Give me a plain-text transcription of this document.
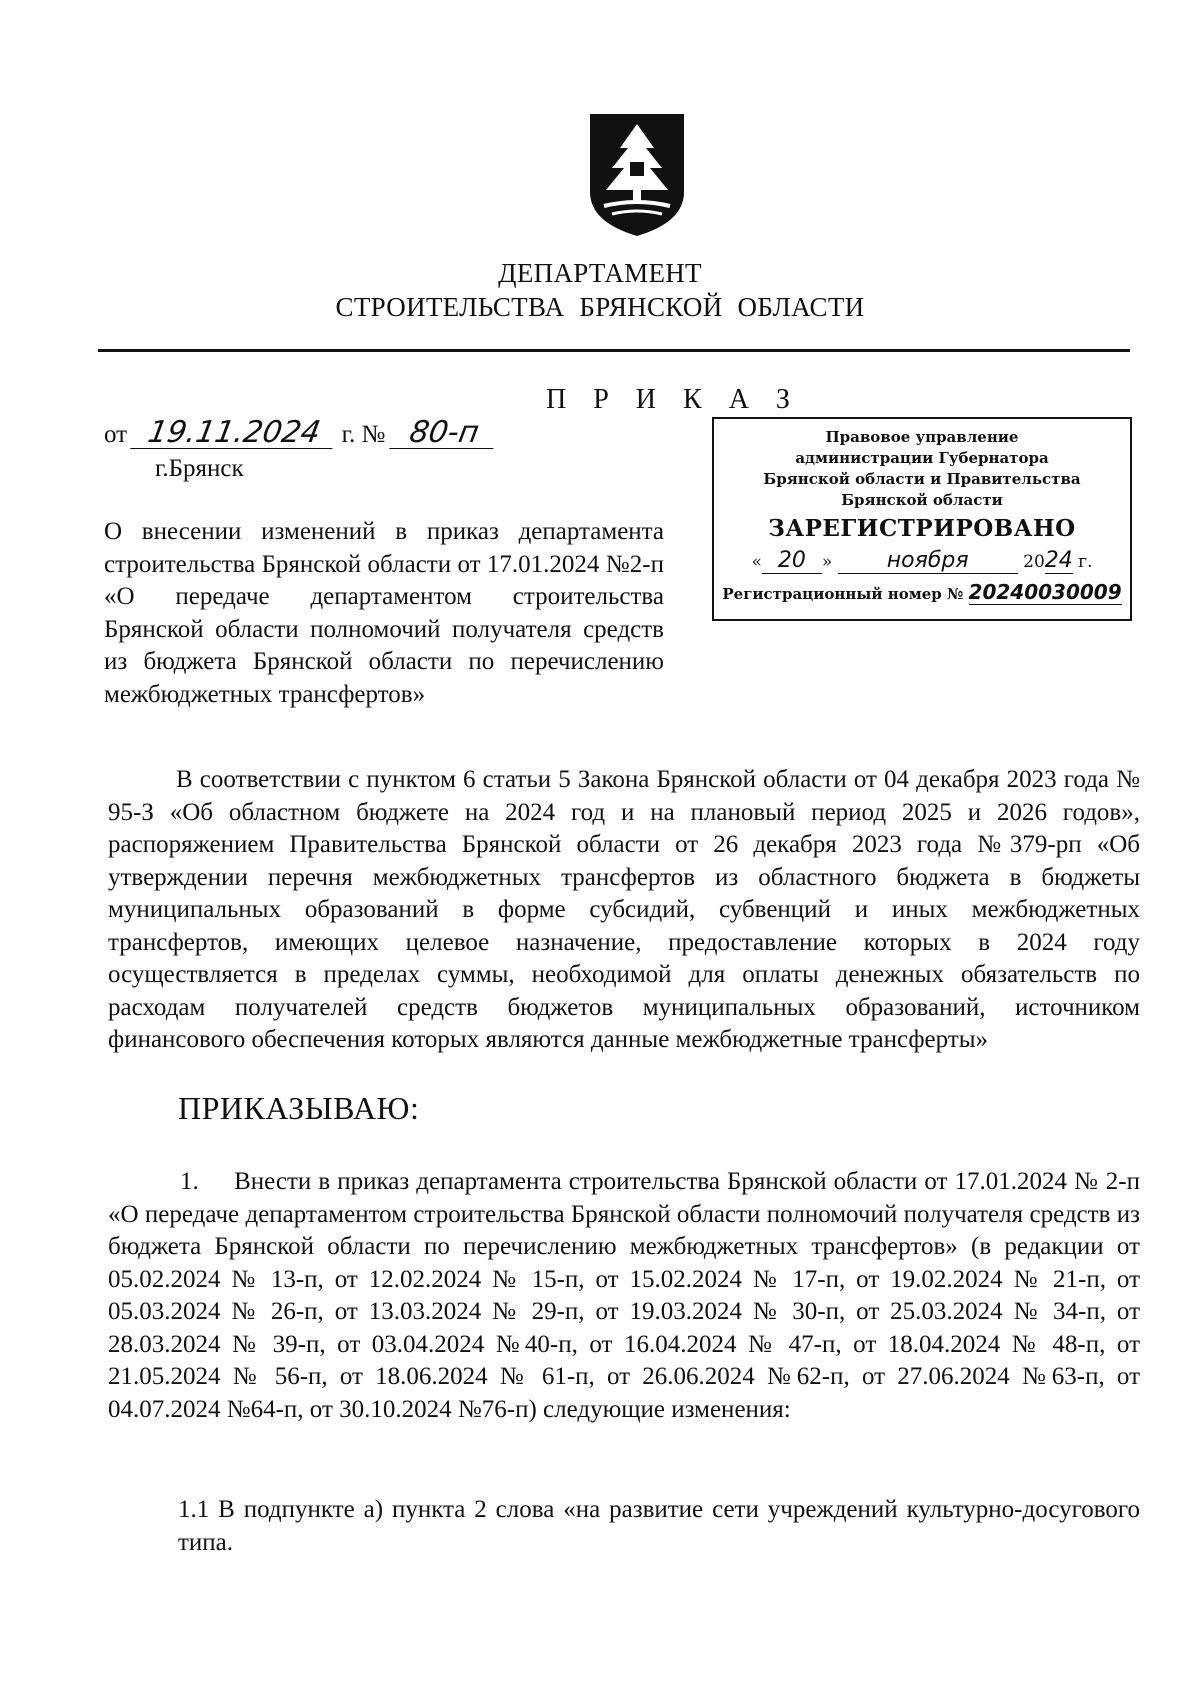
ДЕПАРТАМЕНТ
СТРОИТЕЛЬСТВА БРЯНСКОЙ ОБЛАСТИ
П Р И К А З
от 19.11.2024 г. № 80-п
г.Брянск
Правовое управление
администрации Губернатора
Брянской области и Правительства
Брянской области
ЗАРЕГИСТРИРОВАНО
« 20 » ноября	2024 г.
Регистрационный номер № 20240030009
О внесении изменений в приказ департамента строительства Брянской области от 17.01.2024 №2-п «О передаче департаментом строительства Брянской области полномочий получателя средств из бюджета Брянской области по перечислению межбюджетных трансфертов»

В соответствии с пунктом 6 статьи 5 Закона Брянской области от 04 декабря 2023 года № 95-З «Об областном бюджете на 2024 год и на плановый период 2025 и 2026 годов», распоряжением Правительства Брянской области от 26 декабря 2023 года №379-рп «Об утверждении перечня межбюджетных трансфертов из областного бюджета в бюджеты муниципальных образований в форме субсидий, субвенций и иных межбюджетных трансфертов, имеющих целевое назначение, предоставление которых в 2024 году осуществляется в пределах суммы, необходимой для оплаты денежных обязательств по расходам получателей средств бюджетов муниципальных образований, источником финансового обеспечения которых являются данные межбюджетные трансферты»

ПРИКАЗЫВАЮ:

1.     Внести в приказ департамента строительства Брянской области от 17.01.2024 № 2-п «О передаче департаментом строительства Брянской области полномочий получателя средств из бюджета Брянской области по перечислению межбюджетных трансфертов» (в редакции от 05.02.2024 № 13-п, от 12.02.2024 № 15-п, от 15.02.2024 № 17-п, от 19.02.2024 № 21-п, от 05.03.2024 № 26-п, от 13.03.2024 № 29-п, от 19.03.2024 № 30-п, от 25.03.2024 № 34-п, от 28.03.2024 № 39-п, от 03.04.2024 №40-п, от 16.04.2024 № 47-п, от 18.04.2024 № 48-п, от 21.05.2024 № 56-п, от 18.06.2024 № 61-п, от 26.06.2024 №62-п, от 27.06.2024 №63-п, от 04.07.2024 №64-п, от 30.10.2024 №76-п) следующие изменения:

1.1 В подпункте а) пункта 2 слова «на развитие сети учреждений культурно-досугового типа.
